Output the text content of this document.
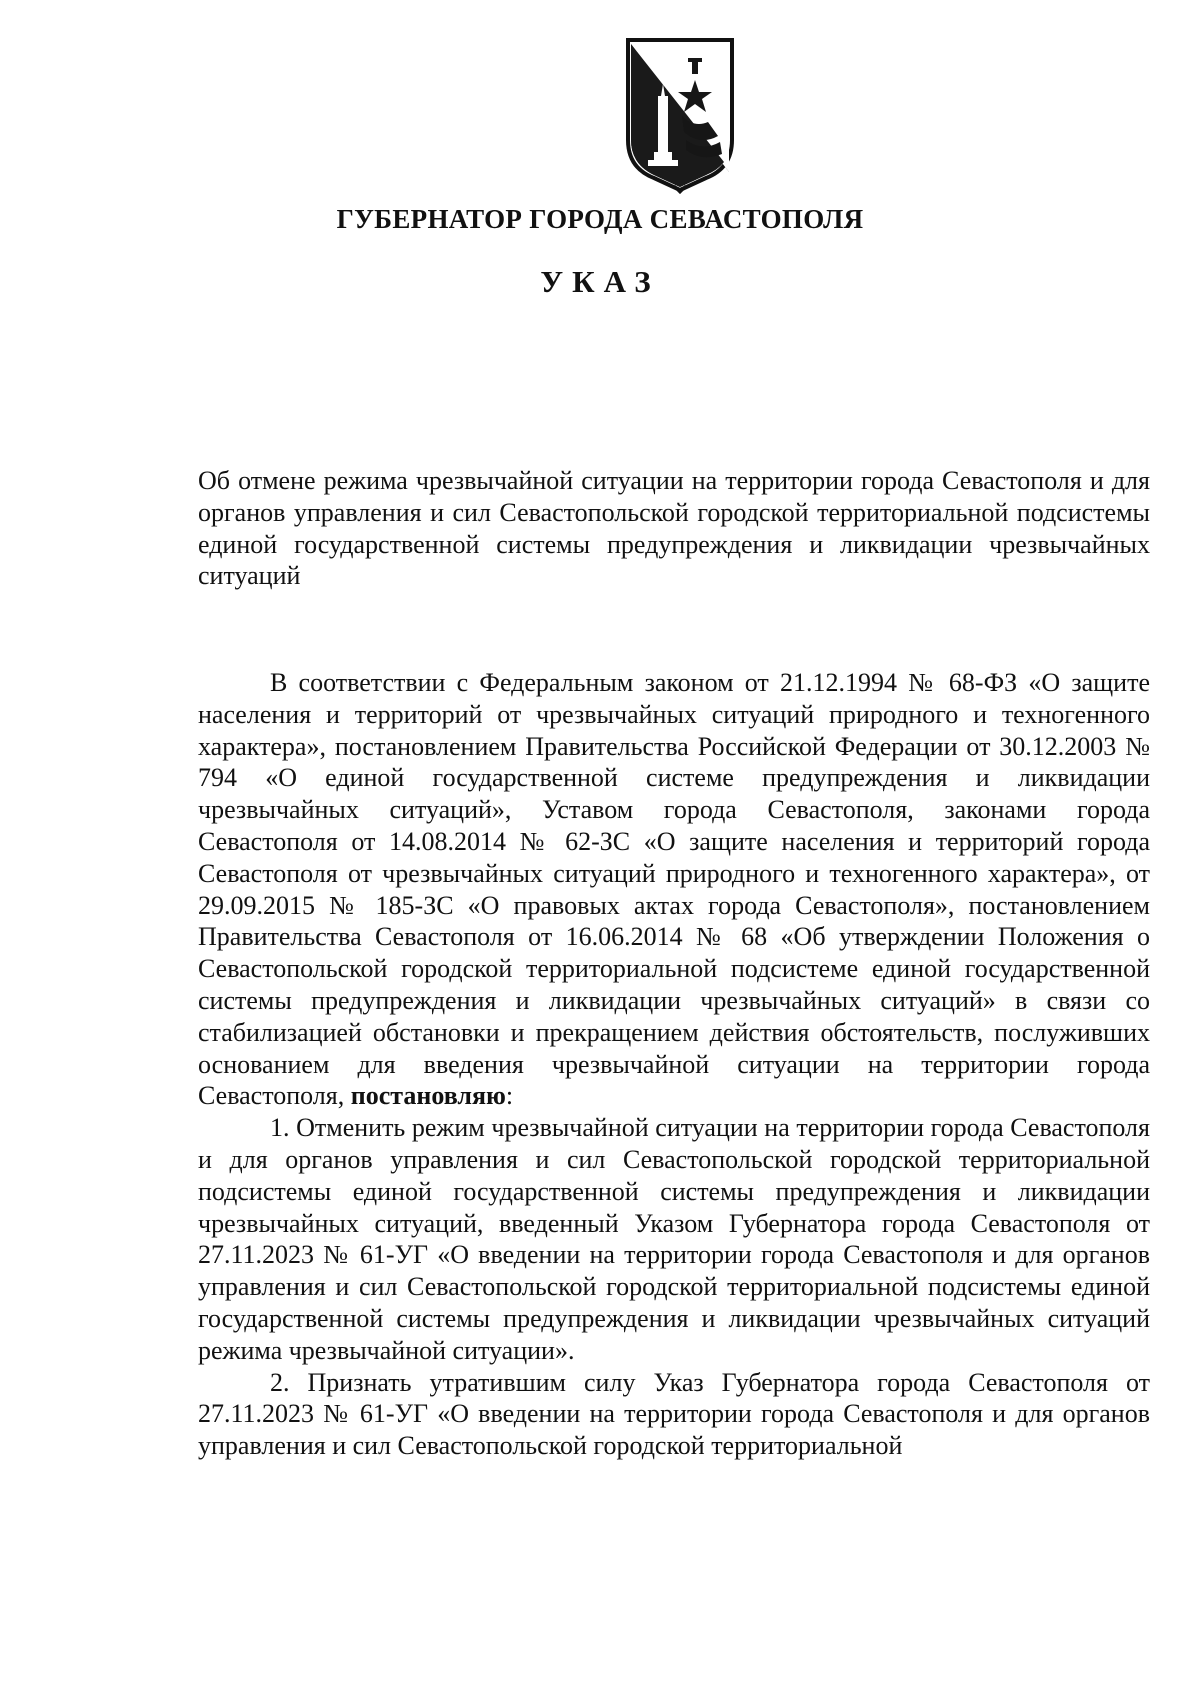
ГУБЕРНАТОР ГОРОДА СЕВАСТОПОЛЯ
УКАЗ

Об отмене режима чрезвычайной ситуации на территории города Севастополя и для органов управления и сил Севастопольской городской территориальной подсистемы единой государственной системы предупреждения и ликвидации чрезвычайных ситуаций

В соответствии с Федеральным законом от 21.12.1994 № 68-ФЗ «О защите населения и территорий от чрезвычайных ситуаций природного и техногенного характера», постановлением Правительства Российской Федерации от 30.12.2003 № 794 «О единой государственной системе предупреждения и ликвидации чрезвычайных ситуаций», Уставом города Севастополя, законами города Севастополя от 14.08.2014 № 62-ЗС «О защите населения и территорий города Севастополя от чрезвычайных ситуаций природного и техногенного характера», от 29.09.2015 № 185-ЗС «О правовых актах города Севастополя», постановлением Правительства Севастополя от 16.06.2014 № 68 «Об утверждении Положения о Севастопольской городской территориальной подсистеме единой государственной системы предупреждения и ликвидации чрезвычайных ситуаций» в связи со стабилизацией обстановки и прекращением действия обстоятельств, послуживших основанием для введения чрезвычайной ситуации на территории города Севастополя, постановляю:

1. Отменить режим чрезвычайной ситуации на территории города Севастополя и для органов управления и сил Севастопольской городской территориальной подсистемы единой государственной системы предупреждения и ликвидации чрезвычайных ситуаций, введенный Указом Губернатора города Севастополя от 27.11.2023 № 61-УГ «О введении на территории города Севастополя и для органов управления и сил Севастопольской городской территориальной подсистемы единой государственной системы предупреждения и ликвидации чрезвычайных ситуаций режима чрезвычайной ситуации».

2. Признать утратившим силу Указ Губернатора города Севастополя от 27.11.2023 № 61-УГ «О введении на территории города Севастополя и для органов управления и сил Севастопольской городской территориальной
